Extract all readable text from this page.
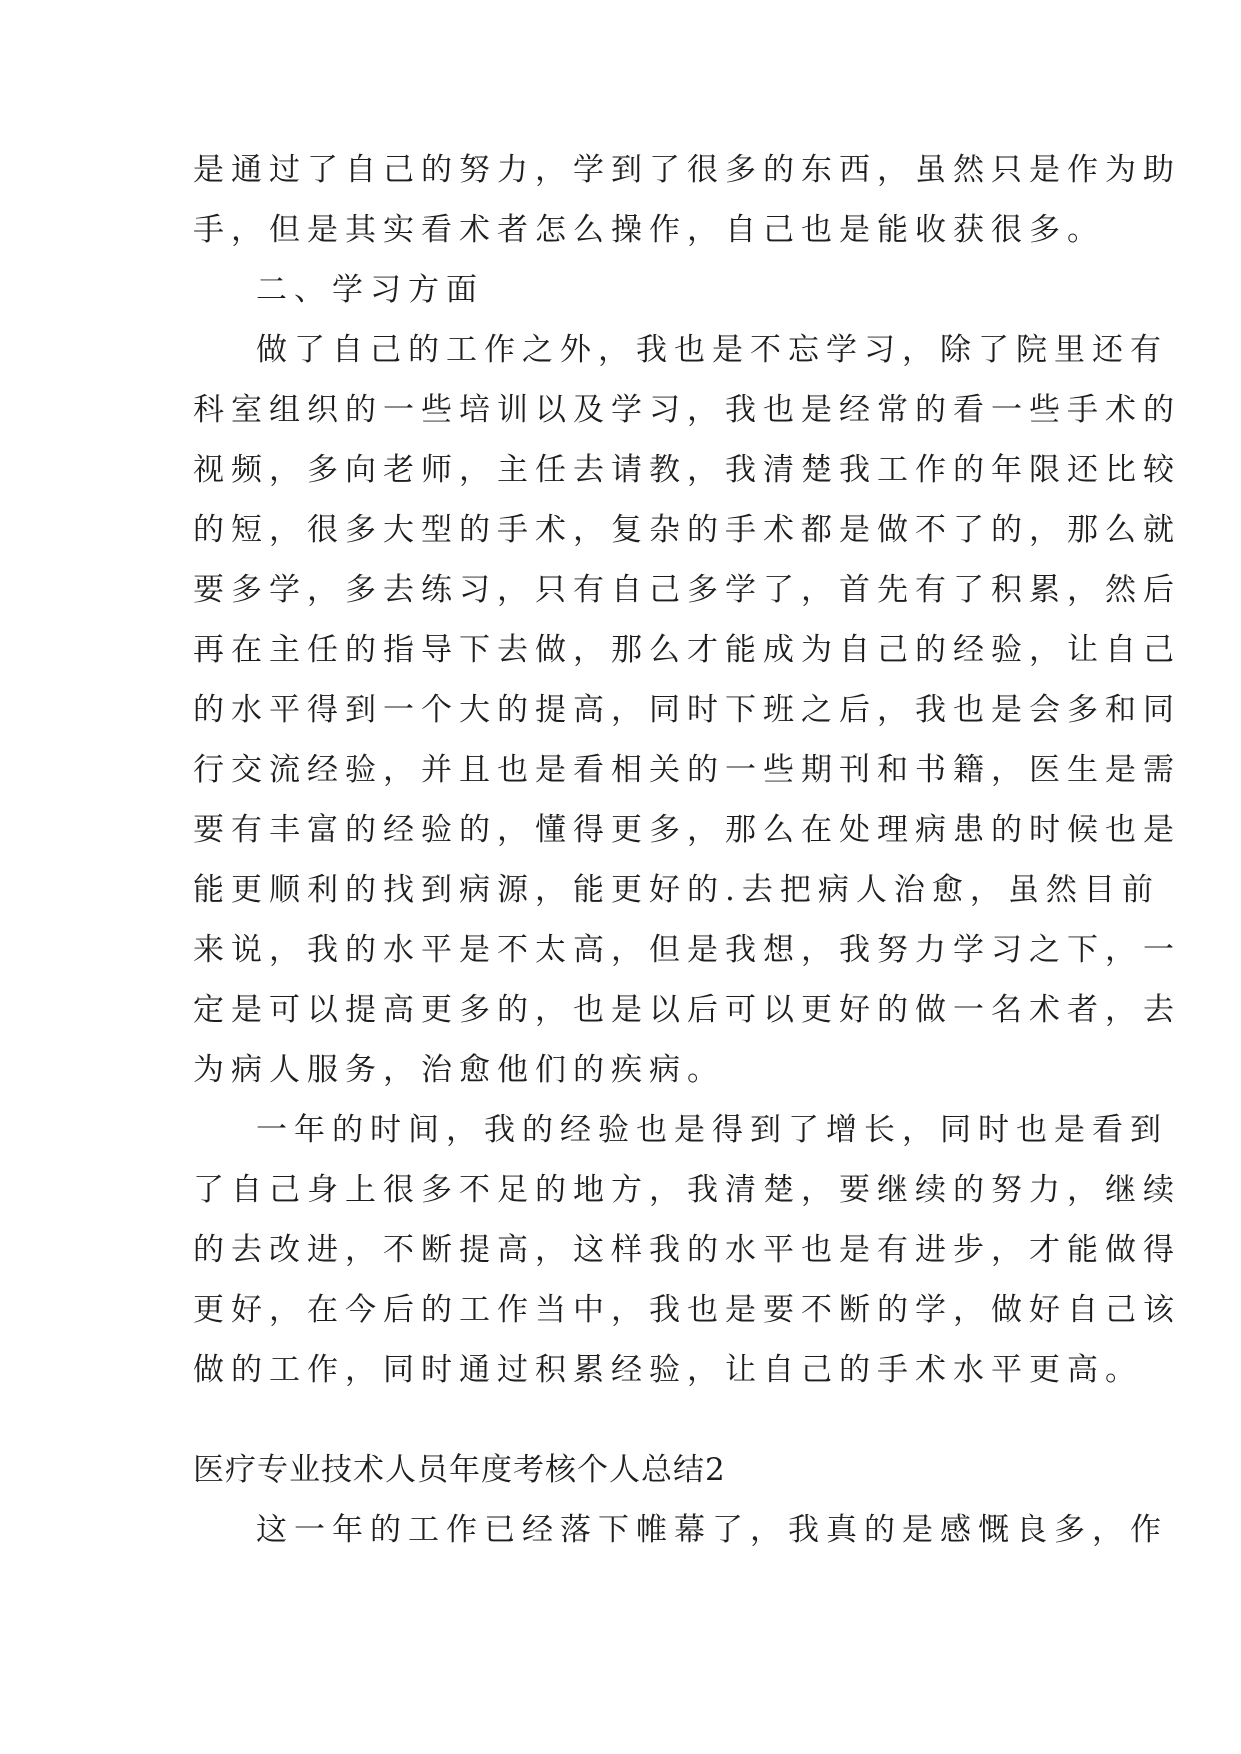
是通过了自己的努力，学到了很多的东西，虽然只是作为助
手，但是其实看术者怎么操作，自己也是能收获很多。
二、学习方面
做了自己的工作之外，我也是不忘学习，除了院里还有
科室组织的一些培训以及学习，我也是经常的看一些手术的
视频，多向老师，主任去请教，我清楚我工作的年限还比较
的短，很多大型的手术，复杂的手术都是做不了的，那么就
要多学，多去练习，只有自己多学了，首先有了积累，然后
再在主任的指导下去做，那么才能成为自己的经验，让自己
的水平得到一个大的提高，同时下班之后，我也是会多和同
行交流经验，并且也是看相关的一些期刊和书籍，医生是需
要有丰富的经验的，懂得更多，那么在处理病患的时候也是
能更顺利的找到病源，能更好的.去把病人治愈，虽然目前
来说，我的水平是不太高，但是我想，我努力学习之下，一
定是可以提高更多的，也是以后可以更好的做一名术者，去
为病人服务，治愈他们的疾病。
一年的时间，我的经验也是得到了增长，同时也是看到
了自己身上很多不足的地方，我清楚，要继续的努力，继续
的去改进，不断提高，这样我的水平也是有进步，才能做得
更好，在今后的工作当中，我也是要不断的学，做好自己该
做的工作，同时通过积累经验，让自己的手术水平更高。
医疗专业技术人员年度考核个人总结2
这一年的工作已经落下帷幕了，我真的是感慨良多，作
